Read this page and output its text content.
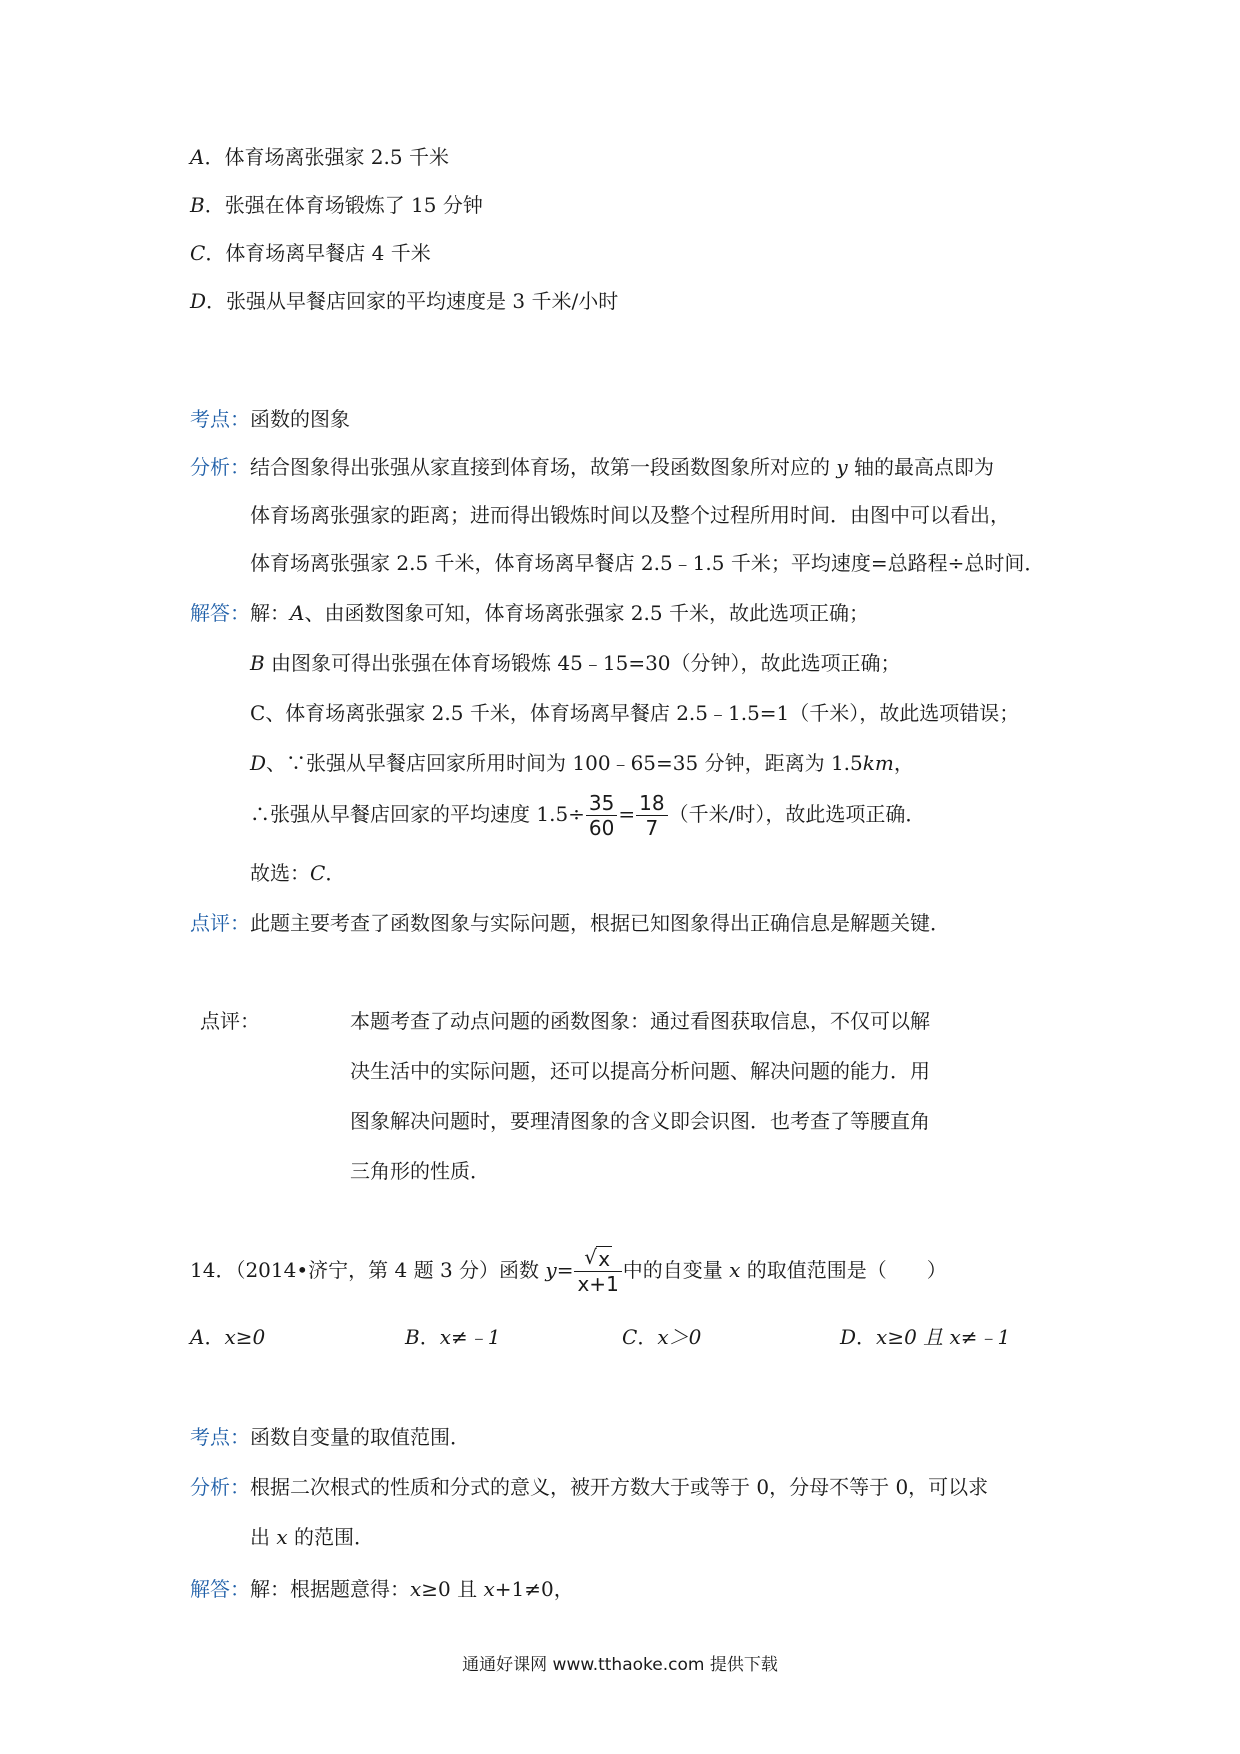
A．体育场离张强家 2.5 千米
B．张强在体育场锻炼了 15 分钟
C．体育场离早餐店 4 千米
D．张强从早餐店回家的平均速度是 3 千米/小时
考点：函数的图象
分析：结合图象得出张强从家直接到体育场，故第一段函数图象所对应的 y 轴的最高点即为
体育场离张强家的距离；进而得出锻炼时间以及整个过程所用时间．由图中可以看出，
体育场离张强家 2.5 千米，体育场离早餐店 2.5﹣1.5 千米；平均速度=总路程÷总时间．
解答：解：A、由函数图象可知，体育场离张强家 2.5 千米，故此选项正确；
B 由图象可得出张强在体育场锻炼 45﹣15=30（分钟），故此选项正确；
C、体育场离张强家 2.5 千米，体育场离早餐店 2.5﹣1.5=1（千米），故此选项错误；
D、∵张强从早餐店回家所用时间为 100﹣65=35 分钟，距离为 1.5km，
∴张强从早餐店回家的平均速度 $1.5\div \frac{35}{60} = \frac{18}{7}$ （千米/时），故此选项正确．
故选：C．
点评：此题主要考查了函数图象与实际问题，根据已知图象得出正确信息是解题关键．
点评：	本题考查了动点问题的函数图象：通过看图获取信息，不仅可以解
决生活中的实际问题，还可以提高分析问题、解决问题的能力．用
图象解决问题时，要理清图象的含义即会识图．也考查了等腰直角
三角形的性质．
14．（2014•济宁，第 4 题 3 分）函数 $y= \frac{√ x}{x+1}$ 中的自变量 x 的取值范围是（　　）
A．x≥0	B．x≠﹣1	C．x＞0	D．x≥0 且 x≠﹣1
考点：函数自变量的取值范围．
分析：根据二次根式的性质和分式的意义，被开方数大于或等于 0，分母不等于 0，可以求
出 x 的范围．
解答：解：根据题意得：x≥0 且 x+1≠0，
通通好课网 www.tthaoke.com 提供下载
